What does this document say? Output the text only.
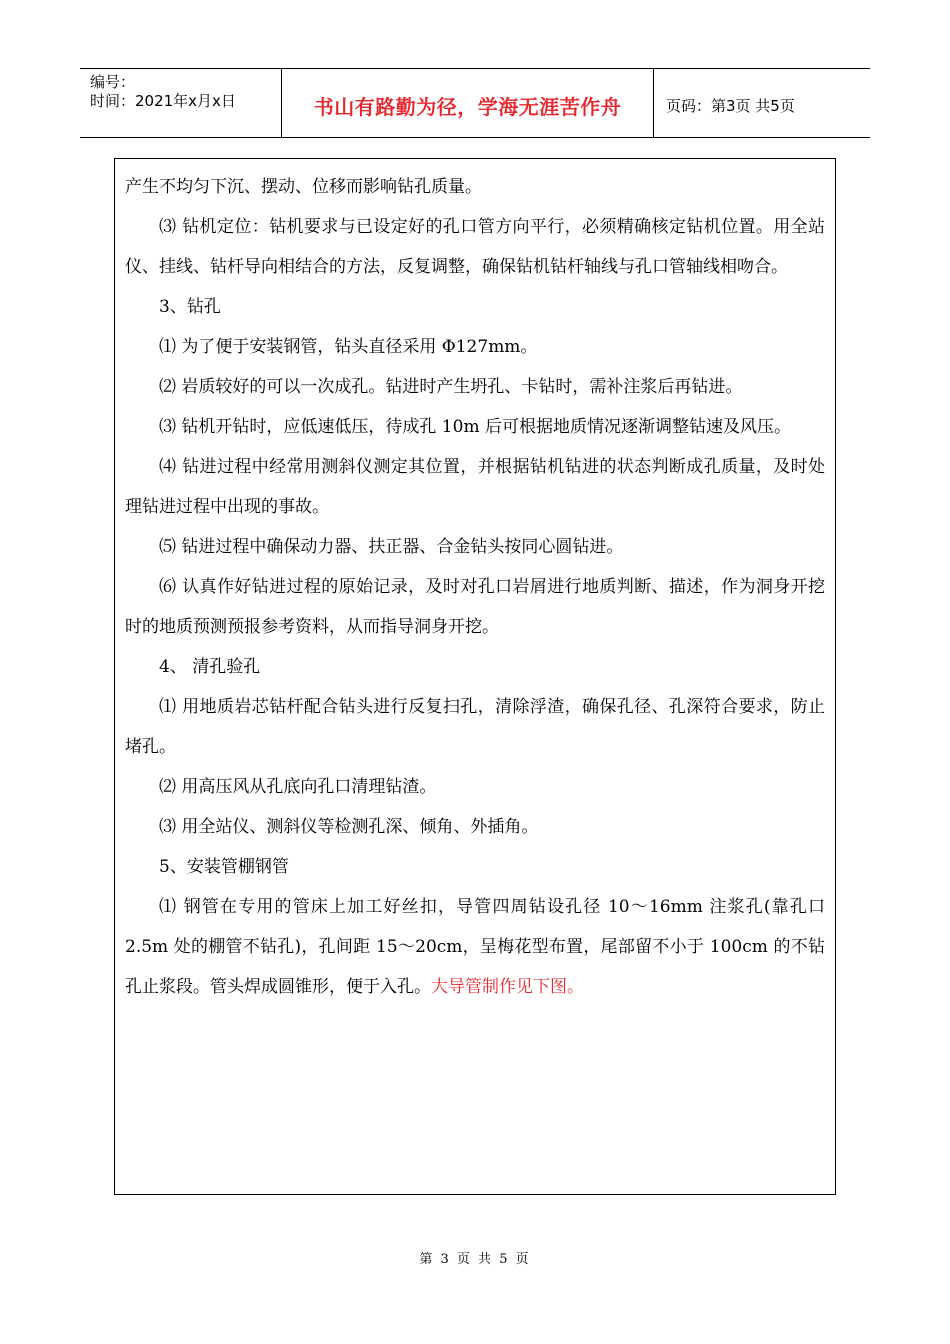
编号：
时间：2021年x月x日	书山有路勤为径，学海无涯苦作舟	页码：第3页 共5页

产生不均匀下沉、摆动、位移而影响钻孔质量。

⑶ 钻机定位：钻机要求与已设定好的孔口管方向平行，必须精确核定钻机位置。用全站仪、挂线、钻杆导向相结合的方法，反复调整，确保钻机钻杆轴线与孔口管轴线相吻合。

3、钻孔

⑴ 为了便于安装钢管，钻头直径采用 Φ127mm。

⑵ 岩质较好的可以一次成孔。钻进时产生坍孔、卡钻时，需补注浆后再钻进。

⑶ 钻机开钻时，应低速低压，待成孔 10m 后可根据地质情况逐渐调整钻速及风压。

⑷ 钻进过程中经常用测斜仪测定其位置，并根据钻机钻进的状态判断成孔质量，及时处理钻进过程中出现的事故。

⑸ 钻进过程中确保动力器、扶正器、合金钻头按同心圆钻进。

⑹ 认真作好钻进过程的原始记录，及时对孔口岩屑进行地质判断、描述，作为洞身开挖时的地质预测预报参考资料，从而指导洞身开挖。

4、 清孔验孔

⑴ 用地质岩芯钻杆配合钻头进行反复扫孔，清除浮渣，确保孔径、孔深符合要求，防止堵孔。

⑵ 用高压风从孔底向孔口清理钻渣。

⑶ 用全站仪、测斜仪等检测孔深、倾角、外插角。

5、安装管棚钢管

⑴ 钢管在专用的管床上加工好丝扣，导管四周钻设孔径 10～16mm 注浆孔(靠孔口 2.5m 处的棚管不钻孔)，孔间距 15～20cm，呈梅花型布置，尾部留不小于 100cm 的不钻孔止浆段。管头焊成圆锥形，便于入孔。大导管制作见下图。

第 3 页 共 5 页
